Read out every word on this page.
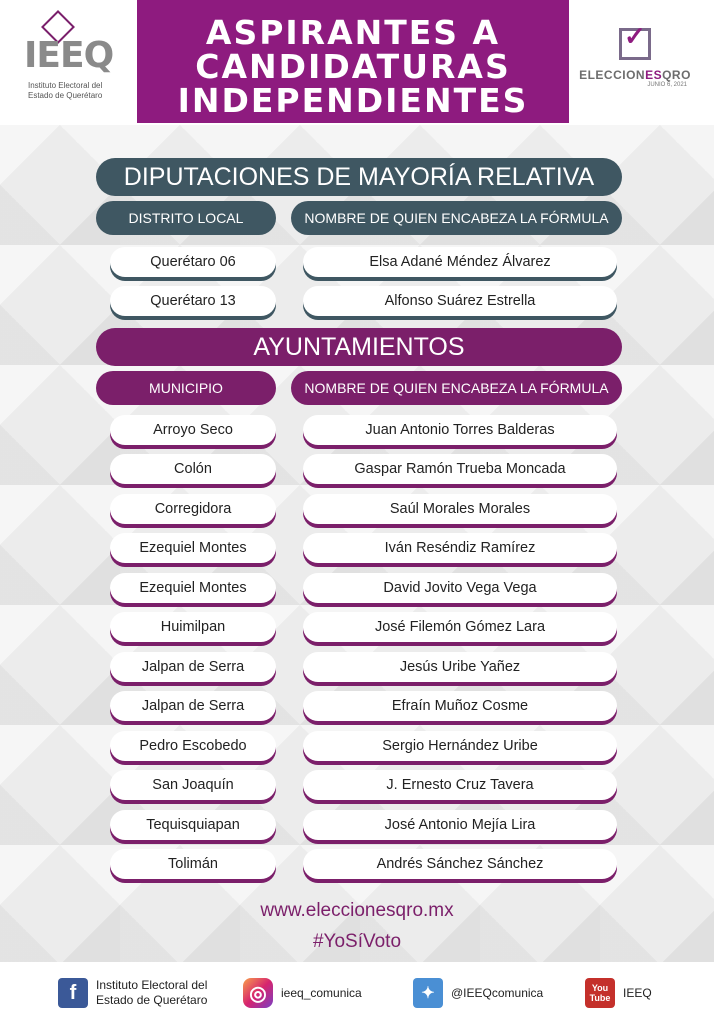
IEEQ
Instituto Electoral del
Estado de Querétaro
ASPIRANTES A
CANDIDATURAS
INDEPENDIENTES
✓
ELECCIONESQRO
JUNIO 6, 2021
DIPUTACIONES DE MAYORÍA RELATIVA
DISTRITO LOCAL	NOMBRE DE QUIEN ENCABEZA LA FÓRMULA
Querétaro 06	Elsa Adané Méndez Álvarez
Querétaro 13	Alfonso Suárez Estrella
AYUNTAMIENTOS
MUNICIPIO	NOMBRE DE QUIEN ENCABEZA LA FÓRMULA
Arroyo Seco	Juan Antonio Torres Balderas
Colón	Gaspar Ramón Trueba Moncada
Corregidora	Saúl Morales Morales
Ezequiel Montes	Iván Reséndiz Ramírez
Ezequiel Montes	David Jovito Vega Vega
Huimilpan	José Filemón Gómez Lara
Jalpan de Serra	Jesús Uribe Yañez
Jalpan de Serra	Efraín Muñoz Cosme
Pedro Escobedo	Sergio Hernández Uribe
San Joaquín	J. Ernesto Cruz Tavera
Tequisquiapan	José Antonio Mejía Lira
Tolimán	Andrés Sánchez Sánchez
www.eleccionesqro.mx
#YoSíVoto
f	Instituto Electoral del
Estado de Querétaro	◎	ieeq_comunica	✦	@IEEQcomunica	You
Tube IEEQ
